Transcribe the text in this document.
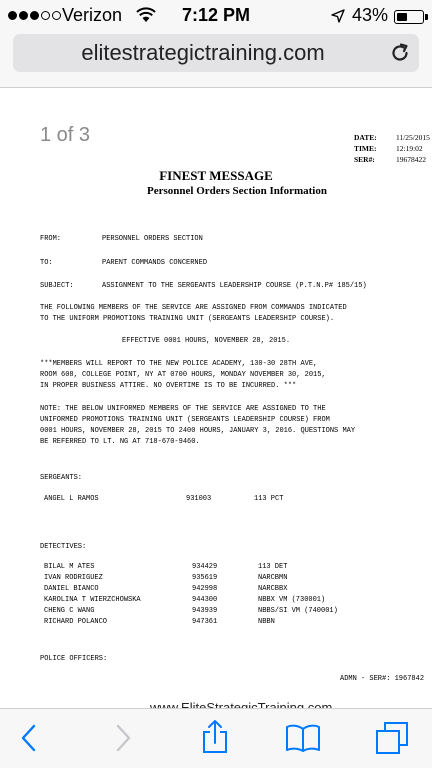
Verizon	7:12 PM	43%
elitestrategictraining.com
1 of 3	DATE:	11/25/2015
TIME:	12:19:02
SER#:	19678422
FINEST MESSAGE
Personnel Orders Section Information
FROM:	PERSONNEL ORDERS SECTION
TO:	PARENT COMMANDS CONCERNED
SUBJECT:	ASSIGNMENT TO THE SERGEANTS LEADERSHIP COURSE (P.T.N.P# 185/15)
THE FOLLOWING MEMBERS OF THE SERVICE ARE ASSIGNED FROM COMMANDS INDICATED
TO THE UNIFORM PROMOTIONS TRAINING UNIT (SERGEANTS LEADERSHIP COURSE).
EFFECTIVE 0001 HOURS, NOVEMBER 28, 2015.
***MEMBERS WILL REPORT TO THE NEW POLICE ACADEMY, 130-30 28TH AVE,
ROOM 608, COLLEGE POINT, NY AT 0700 HOURS, MONDAY NOVEMBER 30, 2015,
IN PROPER BUSINESS ATTIRE. NO OVERTIME IS TO BE INCURRED. ***
NOTE: THE BELOW UNIFORMED MEMBERS OF THE SERVICE ARE ASSIGNED TO THE
UNIFORMED PROMOTIONS TRAINING UNIT (SERGEANTS LEADERSHIP COURSE) FROM
0001 HOURS, NOVEMBER 28, 2015 TO 2400 HOURS, JANUARY 3, 2016. QUESTIONS MAY
BE REFERRED TO LT. NG AT 718-670-9460.
SERGEANTS:
ANGEL L RAMOS	931003	113 PCT
DETECTIVES:
BILAL M ATES	934429	113 DET
IVAN RODRIGUEZ	935619	NARCBMN
DANIEL BIANCO	942998	NARCBBX
KAROLINA T WIERZCHOWSKA	944300	NBBX VM (730001)
CHENG C WANG	943939	NBBS/SI VM (740001)
RICHARD POLANCO	947361	NBBN
POLICE OFFICERS:
ADMN - SER#: 1967842
